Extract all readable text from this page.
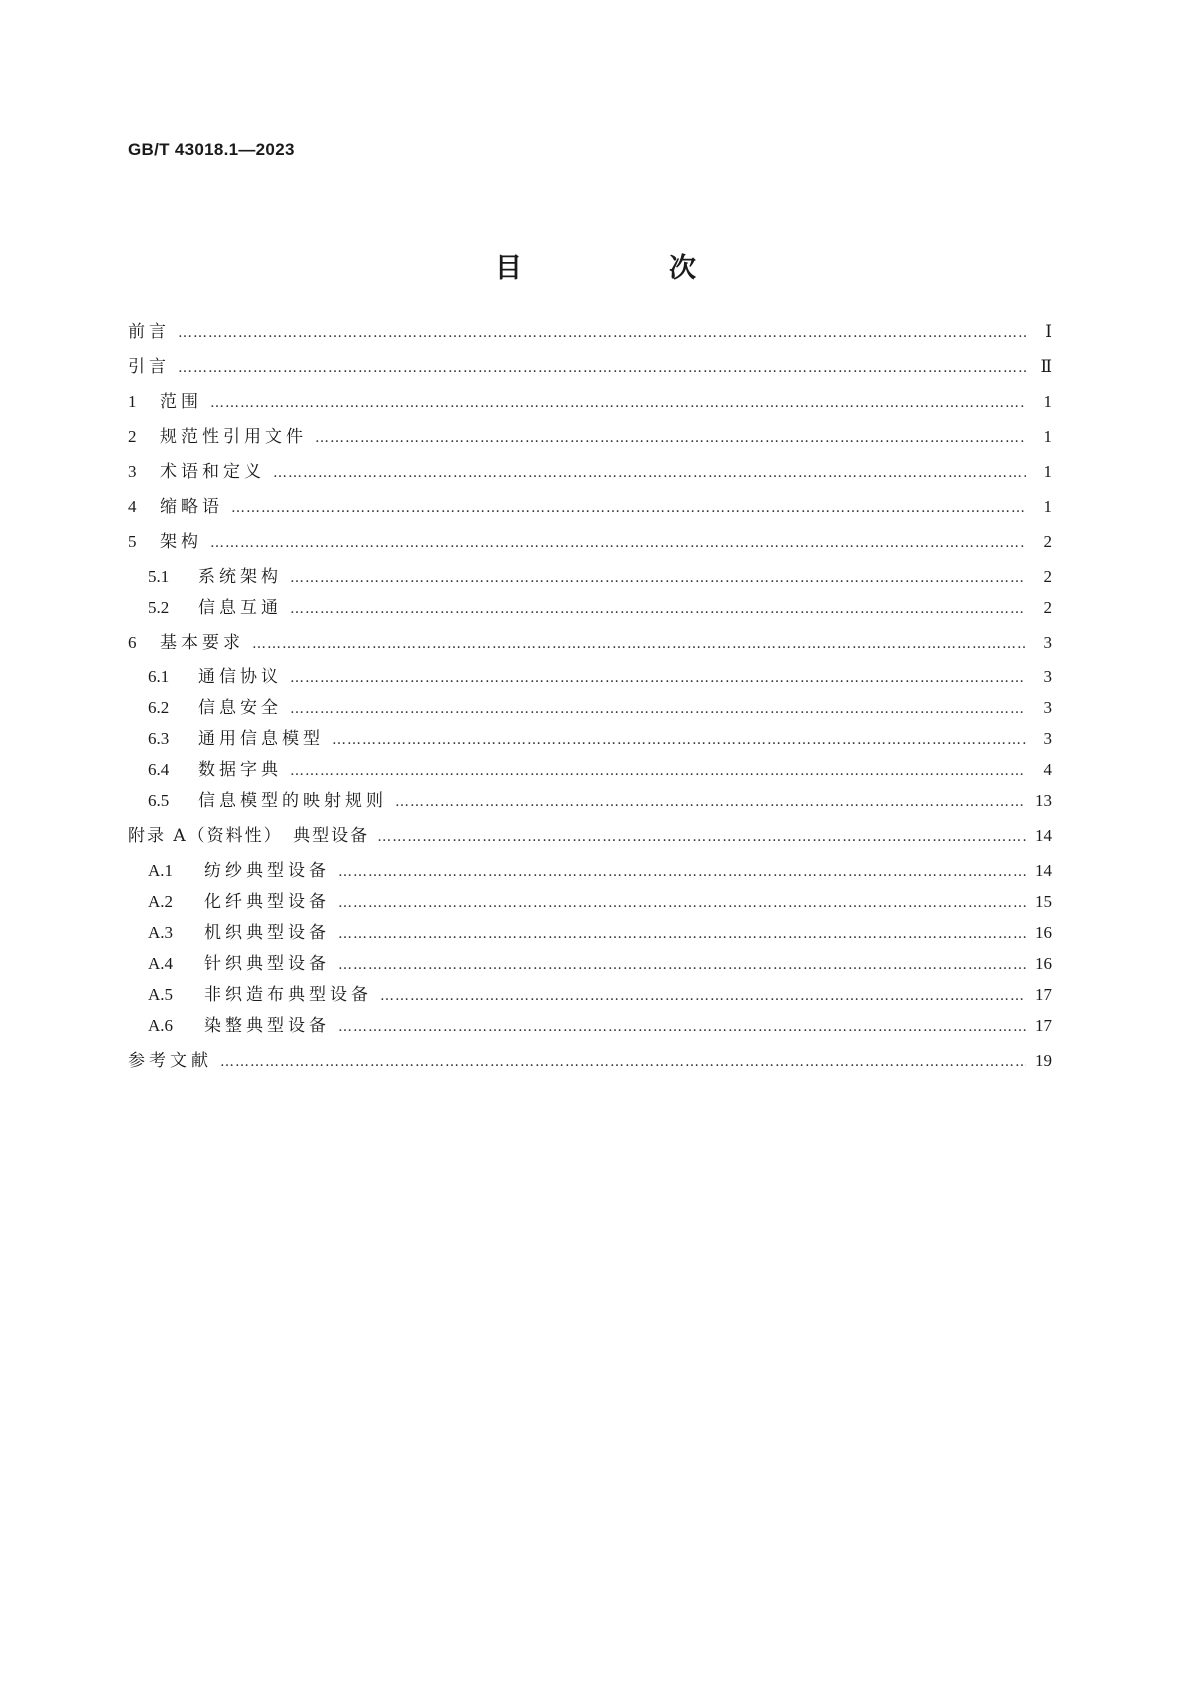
GB/T 43018.1—2023
目　次
前言 ………………………………………………………………………………………………………………………………………………………………………………………………………………………………………………………………	Ⅰ
引言 ………………………………………………………………………………………………………………………………………………………………………………………………………………………………………………………………	Ⅱ
1	范围 ………………………………………………………………………………………………………………………………………………………………………………………………………………………………………………………………	1
2	规范性引用文件 ………………………………………………………………………………………………………………………………………………………………………………………………………………………………………………………………	1
3	术语和定义 ………………………………………………………………………………………………………………………………………………………………………………………………………………………………………………………………	1
4	缩略语 ………………………………………………………………………………………………………………………………………………………………………………………………………………………………………………………………	1
5	架构 ………………………………………………………………………………………………………………………………………………………………………………………………………………………………………………………………	2
5.1	系统架构 ………………………………………………………………………………………………………………………………………………………………………………………………………………………………………………………………	2
5.2	信息互通 ………………………………………………………………………………………………………………………………………………………………………………………………………………………………………………………………	2
6	基本要求 ………………………………………………………………………………………………………………………………………………………………………………………………………………………………………………………………	3
6.1	通信协议 ………………………………………………………………………………………………………………………………………………………………………………………………………………………………………………………………	3
6.2	信息安全 ………………………………………………………………………………………………………………………………………………………………………………………………………………………………………………………………	3
6.3	通用信息模型 ………………………………………………………………………………………………………………………………………………………………………………………………………………………………………………………………	3
6.4	数据字典 ………………………………………………………………………………………………………………………………………………………………………………………………………………………………………………………………	4
6.5	信息模型的映射规则 ………………………………………………………………………………………………………………………………………………………………………………………………………………………………………………………………	13
附录 A（资料性）　典型设备 ………………………………………………………………………………………………………………………………………………………………………………………………………………………………………………………………	14
A.1	纺纱典型设备 ………………………………………………………………………………………………………………………………………………………………………………………………………………………………………………………………	14
A.2	化纤典型设备 ………………………………………………………………………………………………………………………………………………………………………………………………………………………………………………………………	15
A.3	机织典型设备 ………………………………………………………………………………………………………………………………………………………………………………………………………………………………………………………………	16
A.4	针织典型设备 ………………………………………………………………………………………………………………………………………………………………………………………………………………………………………………………………	16
A.5	非织造布典型设备 ………………………………………………………………………………………………………………………………………………………………………………………………………………………………………………………………	17
A.6	染整典型设备 ………………………………………………………………………………………………………………………………………………………………………………………………………………………………………………………………	17
参考文献 ………………………………………………………………………………………………………………………………………………………………………………………………………………………………………………………………	19
